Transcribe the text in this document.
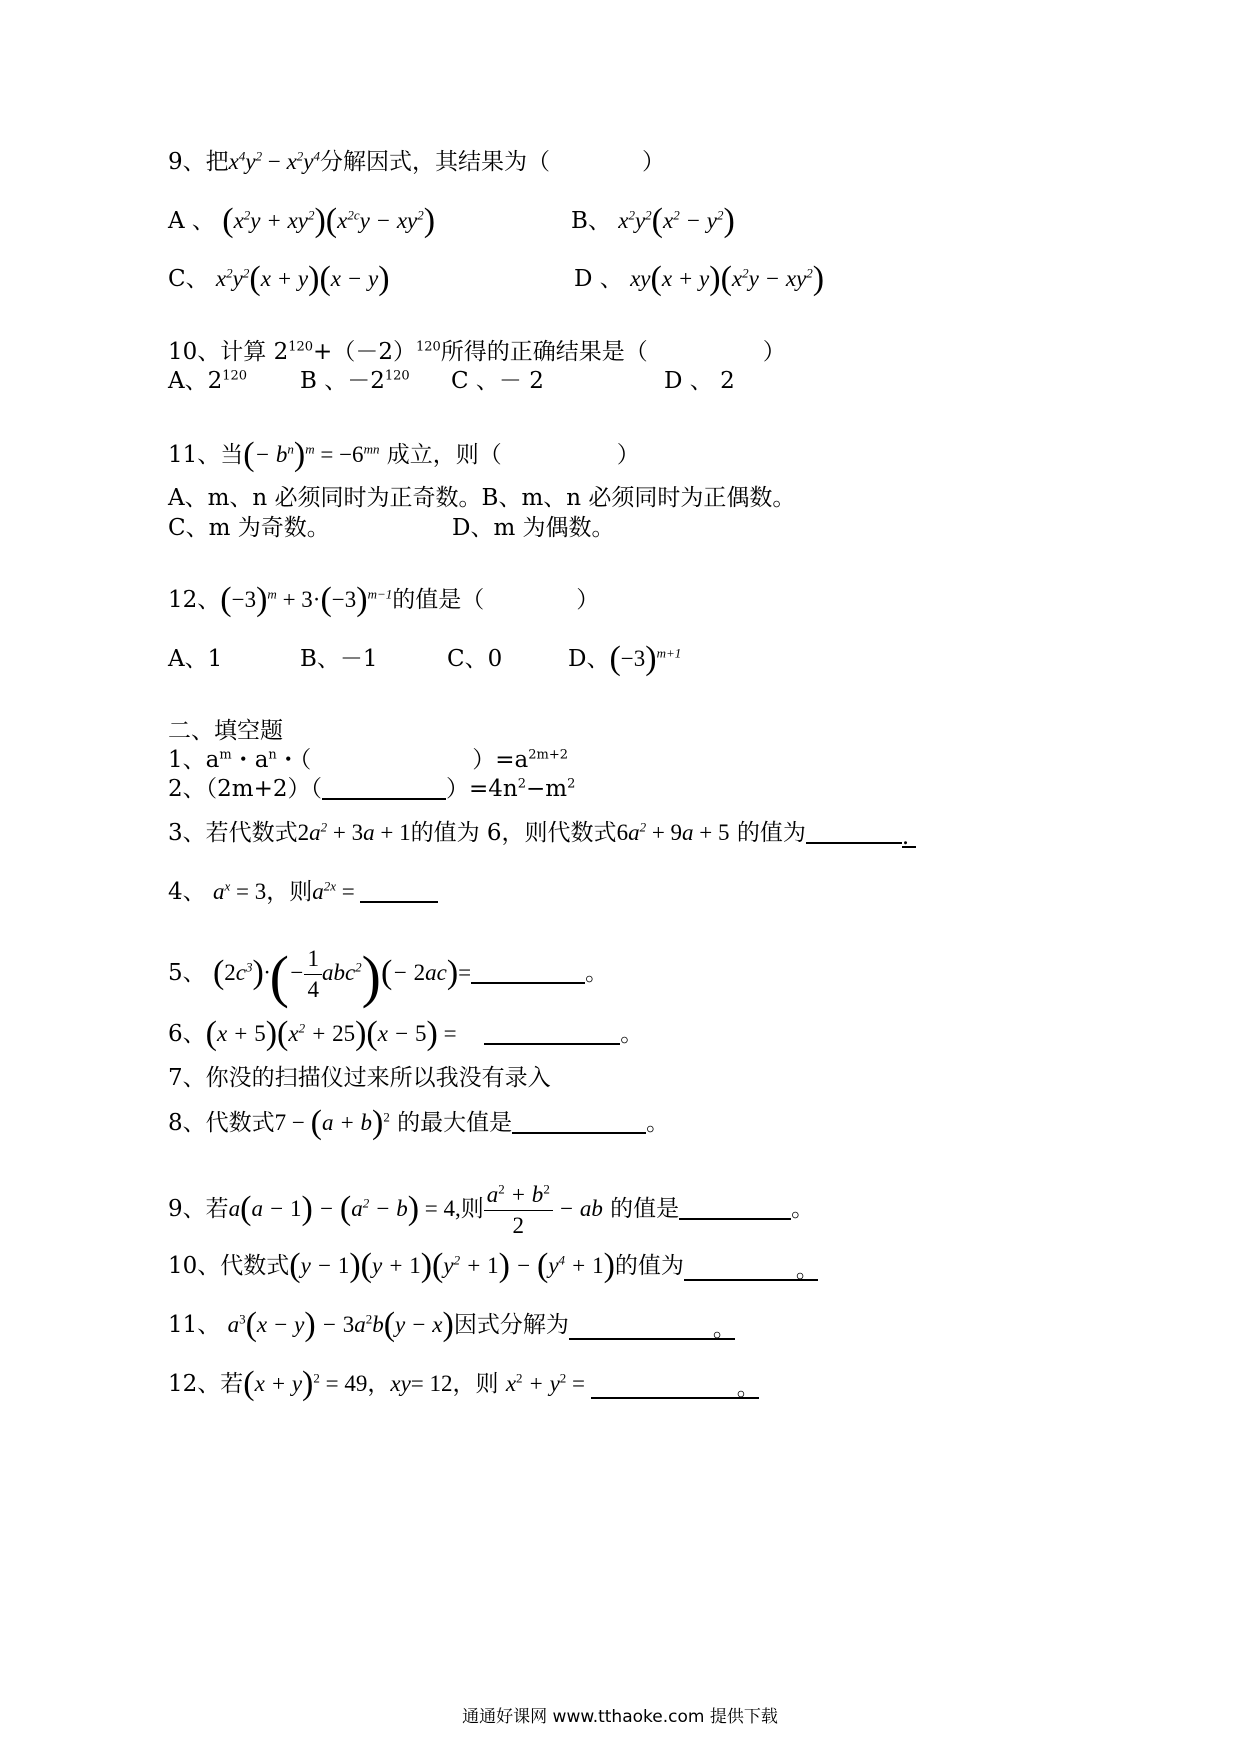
9、把$x^4y^2 - x^2y^4$分解因式，其结果为（　　　　）
A 、 $(x^2y + xy^2)(x^{2c}y - xy^2)$	B、 $x^2y^2(x^2 - y^2)$
C、 $x^2y^2(x + y)(x - y)$	D 、 $xy(x + y)(x^2y - xy^2)$
10、计算 $2^{120}+(-2)^{120}$所得的正确结果是（　　　　　）
A、$2^{120}$ B 、$-2^{120}$ C 、－ 2	D 、 2
11、当(− $b^n)^m = -6^{mn}$ 成立，则（　　　　　）
A、m、n 必须同时为正奇数。B、m、n 必须同时为正偶数。
C、m 为奇数。	D、m 为偶数。
12、$(-3)^m + 3\cdot(-3)^{m-1}$的值是（　　　　）
A、1	B、－1	C、0	D、$(-3)^{m+1}$
二、填空题
1、$a^m$・$a^n$・（　　　　　　　）$=a^{2m+2}$
2、（2m+2）（	）$=4n^2-m^2$
3、若代数式$2a^2 + 3a + 1$的值为 6，则代数式$6a^2 + 9a + 5$ 的值为	.
4、 $a^x = 3$，则$a^{2x}$ =
5、 $(2c^3)\cdot(- \frac{1}{4} abc^2)(- 2ac)=$	。
6、$(x + 5)(x^2 + 25)(x - 5)$ =	。
7、你没的扫描仪过来所以我没有录入
8、代数式$7 - (a + b)^2$ 的最大值是	。
9、若$a(a - 1) - (a^2 - b) = 4$,则 $\frac{a^2 + b^2}{2}$ − ab 的值是	。
10、代数式$(y - 1)(y + 1)(y^2 + 1) - (y^4 + 1)$的值为	。
11、 $a^3(x - y) - 3a^2b(y - x)$因式分解为	。
12、若$(x + y)^2 = 49$，xy= 12，则 $x^2 + y^2$ =	。
通通好课网 www.tthaoke.com 提供下载
